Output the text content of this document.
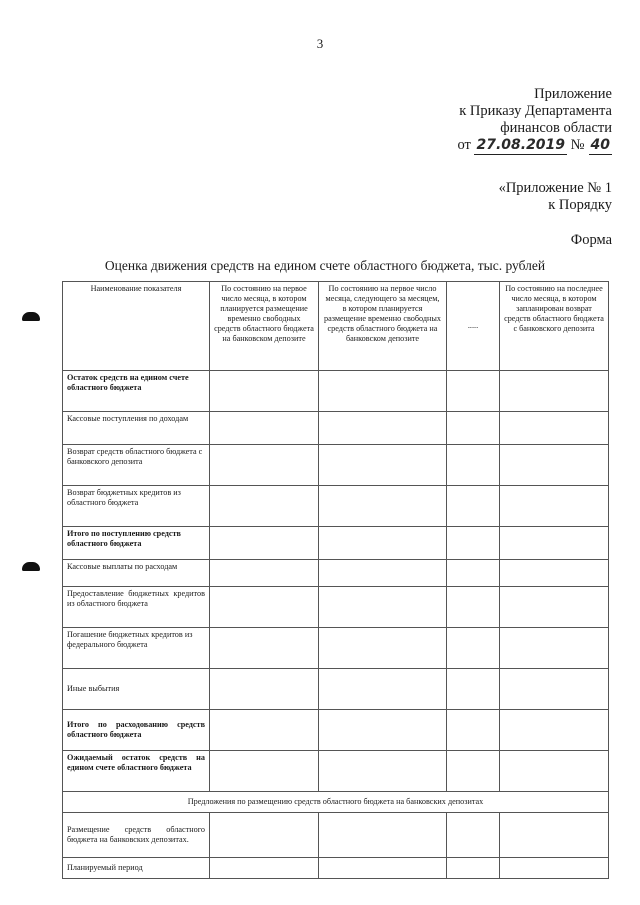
3
Приложение
к Приказу Департамента
финансов области
от 27.08.2019 № 40
«Приложение № 1
к Порядку
Форма
Оценка движения средств на едином счете областного бюджета, тыс. рублей
Наименование показателя	По состоянию на первое число месяца, в котором планируется размещение временно свободных средств областного бюджета на банковском депозите	По состоянию на первое число месяца, следующего за месяцем, в котором планируется размещение временно свободных средств областного бюджета на банковском депозите	.....	По состоянию на последнее число месяца, в котором запланирован возврат средств областного бюджета с банковского депозита
Остаток средств на едином счете областного бюджета				
Кассовые поступления по доходам				
Возврат средств областного бюджета с банковского депозита				
Возврат бюджетных кредитов из областного бюджета				
Итого по поступлению средств областного бюджета				
Кассовые выплаты по расходам				
Предоставление бюджетных кредитов из областного бюджета				
Погашение бюджетных кредитов из федерального бюджета				
Иные выбытия				
Итого по расходованию средств областного бюджета				
Ожидаемый остаток средств на едином счете областного бюджета				
Предложения по размещению средств областного бюджета на банковских депозитах				
Размещение средств областного бюджета на банковских депозитах.				
Планируемый период				
